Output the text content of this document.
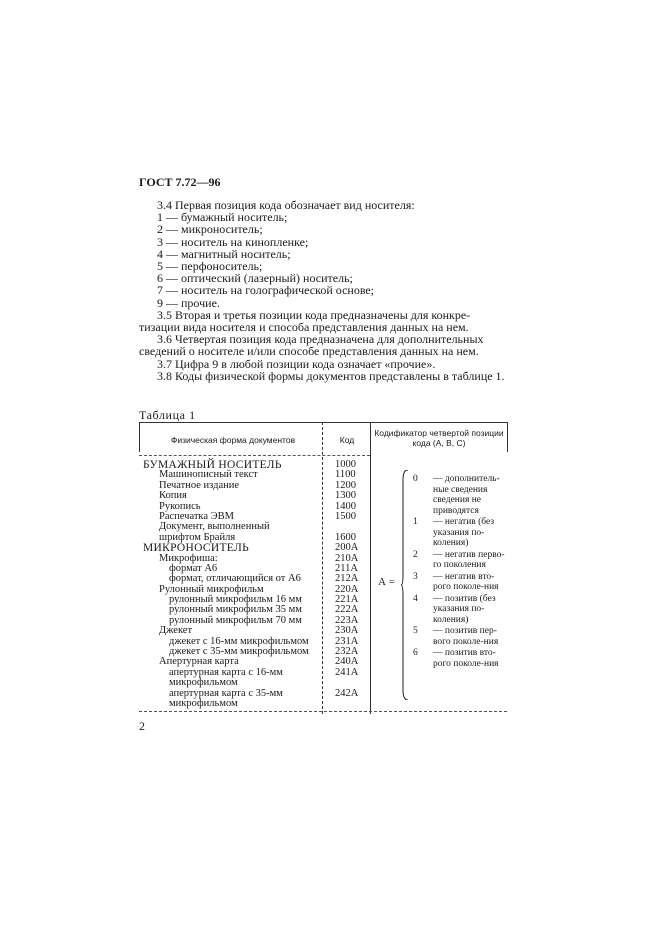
ГОСТ 7.72—96

3.4 Первая позиция кода обозначает вид носителя:

1 — бумажный носитель;

2 — микроноситель;

3 — носитель на кинопленке;

4 — магнитный носитель;

5 — перфоноситель;

6 — оптический (лазерный) носитель;

7 — носитель на голографической основе;

9 — прочие.

3.5 Вторая и третья позиции кода предназначены для конкре-

тизации вида носителя и способа представления данных на нем.

3.6 Четвертая позиция кода предназначена для дополнительных

сведений о носителе и/или способе представления данных на нем.

3.7 Цифра 9 в любой позиции кода означает «прочие».

3.8 Коды физической формы документов представлены в таблице 1.

Таблица 1
Физическая форма документов	Код
Кодификатор четвертой позиции кода (А, В, С)
БУМАЖНЫЙ НОСИТЕЛЬ	1000
Машинописный текст	1100
Печатное издание	1200
Копия	1300
Рукопись	1400
Распечатка ЭВМ	1500
Документ, выполненный
шрифтом Брайля	1600
МИКРОНОСИТЕЛЬ	200А
Микрофиша:	210А
формат А6	211А
формат, отличающийся от А6	212А
Рулонный микрофильм	220А
рулонный микрофильм 16 мм	221А
рулонный микрофильм 35 мм	222А
рулонный микрофильм 70 мм	223А
Джекет	230А
джекет с 16-мм микрофильмом	231А
джекет с 35-мм микрофильмом	232А
Апертурная карта	240А
апертурная карта с 16-мм	241А
микрофильмом
апертурная карта с 35-мм	242А
микрофильмом
А =
0	— дополнитель-ные сведения сведения не приводятся
1	— негатив (без указания по-коления)
2	— негатив перво-го поколения
3	— негатив вто-рого поколе-ния
4	— позитив (без указания по-коления)
5	— позитив пер-вого поколе-ния
6	— позитив вто-рого поколе-ния
2
